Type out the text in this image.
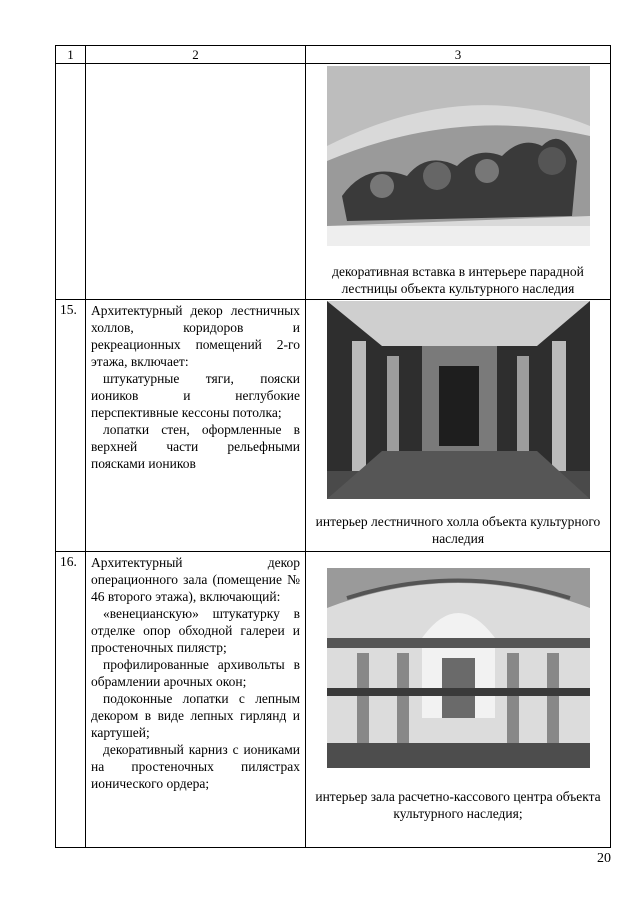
1	2	3

		декоративная вставка в интерьере парадной лестницы объекта культурного наследия

15.	Архитектурный декор лестничных холлов, коридоров и рекреационных помещений 2-го этажа, включает:

штукатурные тяги, пояски иоников и неглубокие перспективные кессоны потолка;

лопатки стен, оформленные в верхней части рельефными поясками иоников	интерьер лестничного холла объекта культурного наследия

16.	Архитектурный декор операционного зала (помещение № 46 второго этажа), включающий:

«венецианскую» штукатурку в отделке опор обходной галереи и простеночных пилястр;

профилированные архивольты в обрамлении арочных окон;

подоконные лопатки с лепным декором в виде лепных гирлянд и картушей;

декоративный карниз с иониками на простеночных пилястрах ионического ордера;	интерьер зала расчетно-кассового центра объекта культурного наследия;
20
